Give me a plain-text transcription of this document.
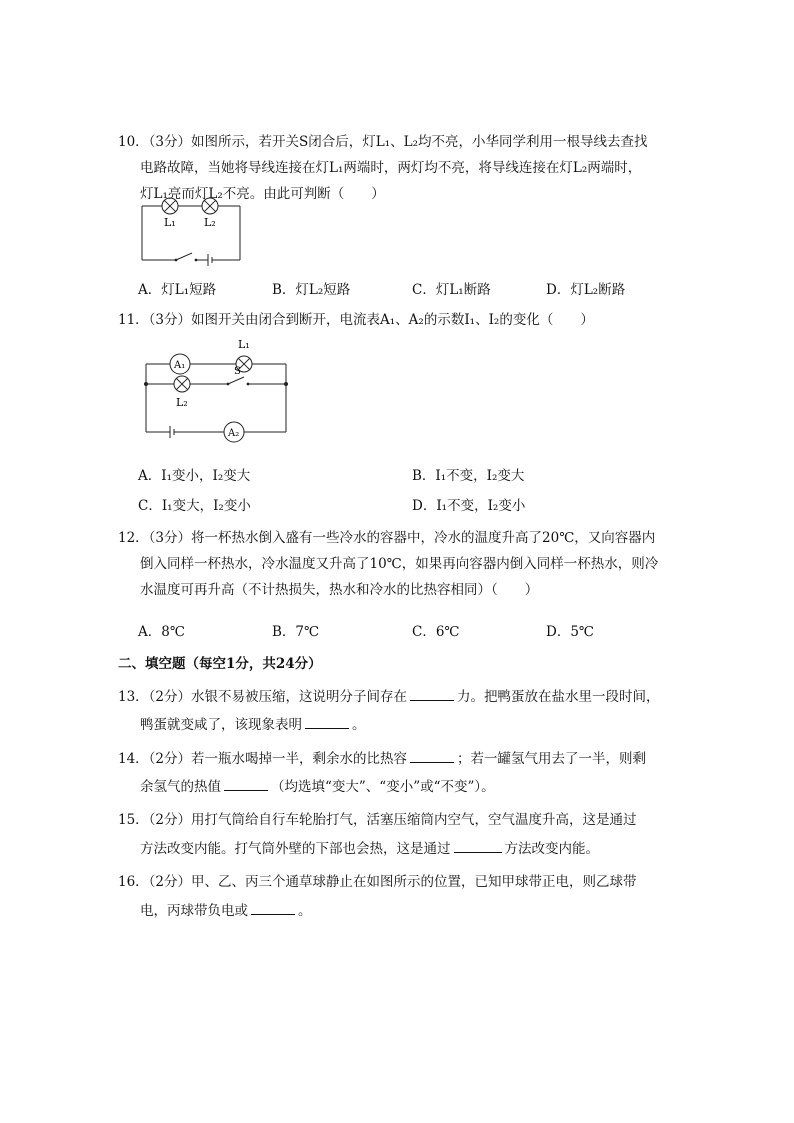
10．（3分）如图所示，若开关S闭合后，灯L₁、L₂均不亮，小华同学利用一根导线去查找
电路故障，当她将导线连接在灯L₁两端时，两灯均不亮，将导线连接在灯L₂两端时，
灯L₁亮而灯L₂不亮。由此可判断（　　）
L₁	L₂
A．灯L₁短路	B．灯L₂短路	C．灯L₁断路	D．灯L₂断路
11．（3分）如图开关由闭合到断开，电流表A₁、A₂的示数I₁、I₂的变化（　　）
A₁
A₂
L₁
L₂
S
A．I₁变小，I₂变大	B．I₁不变，I₂变大
C．I₁变大，I₂变小	D．I₁不变，I₂变小
12．（3分）将一杯热水倒入盛有一些冷水的容器中，冷水的温度升高了20℃，又向容器内
倒入同样一杯热水，冷水温度又升高了10℃，如果再向容器内倒入同样一杯热水，则冷
水温度可再升高（不计热损失，热水和冷水的比热容相同）（　　）
A．8℃	B．7℃	C．6℃	D．5℃
二、填空题（每空1分，共24分）
13．（2分）水银不易被压缩，这说明分子间存在	力。把鸭蛋放在盐水里一段时间，
鸭蛋就变咸了，该现象表明	。
14．（2分）若一瓶水喝掉一半，剩余水的比热容	；若一罐氢气用去了一半，则剩
余氢气的热值	（均选填“变大”、“变小”或“不变”）。
15．（2分）用打气筒给自行车轮胎打气，活塞压缩筒内空气，空气温度升高，这是通过
方法改变内能。打气筒外壁的下部也会热，这是通过	方法改变内能。
16．（2分）甲、乙、丙三个通草球静止在如图所示的位置，已知甲球带正电，则乙球带
电，丙球带负电或	。
